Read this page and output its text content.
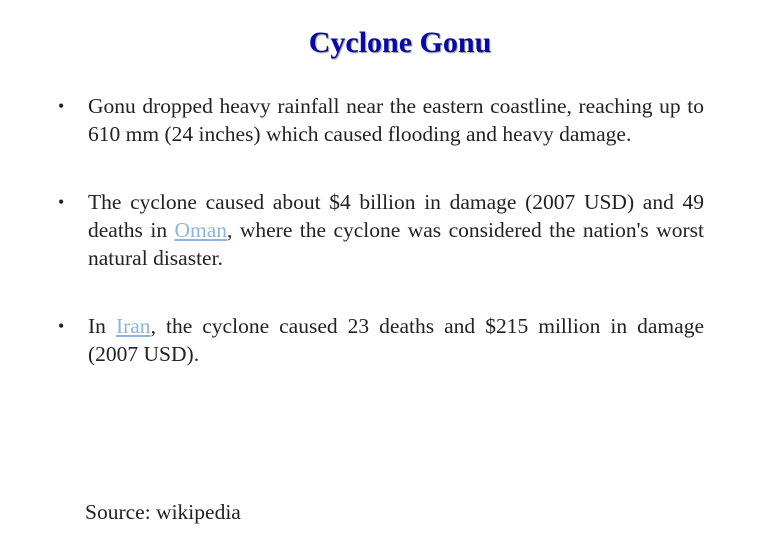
Cyclone Gonu
• Gonu dropped heavy rainfall near the eastern coastline, reaching up to 610 mm (24 inches) which caused flooding and heavy damage.
• The cyclone caused about $4 billion in damage (2007 USD) and 49 deaths in Oman, where the cyclone was considered the nation's worst natural disaster.
• In Iran, the cyclone caused 23 deaths and $215 million in damage (2007 USD).

Source: wikipedia
